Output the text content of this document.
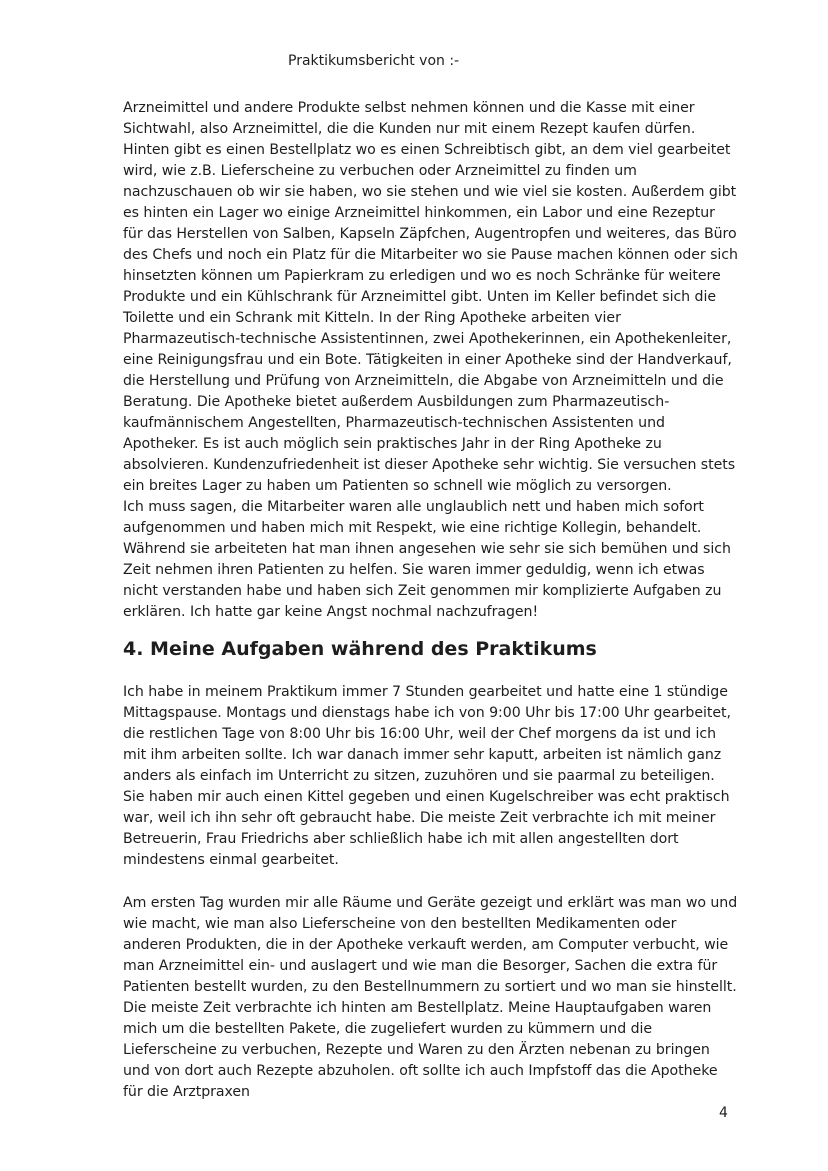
Praktikumsbericht von :-

Arzneimittel und andere Produkte selbst nehmen können und die Kasse mit einer Sichtwahl, also Arzneimittel, die die Kunden nur mit einem Rezept kaufen dürfen. Hinten gibt es einen Bestellplatz wo es einen Schreibtisch gibt, an dem viel gearbeitet wird, wie z.B. Lieferscheine zu verbuchen oder Arzneimittel zu finden um nachzuschauen ob wir sie haben, wo sie stehen und wie viel sie kosten. Außerdem gibt es hinten ein Lager wo einige Arzneimittel hinkommen, ein Labor und eine Rezeptur für das Herstellen von Salben, Kapseln Zäpfchen, Augentropfen und weiteres, das Büro des Chefs und noch ein Platz für die Mitarbeiter wo sie Pause machen können oder sich hinsetzten können um Papierkram zu erledigen und wo es noch Schränke für weitere Produkte und ein Kühlschrank für Arzneimittel gibt. Unten im Keller befindet sich die Toilette und ein Schrank mit Kitteln. In der Ring Apotheke arbeiten vier Pharmazeutisch-technische Assistentinnen, zwei Apothekerinnen, ein Apothekenleiter, eine Reinigungsfrau und ein Bote. Tätigkeiten in einer Apotheke sind der Handverkauf, die Herstellung und Prüfung von Arzneimitteln, die Abgabe von Arzneimitteln und die Beratung. Die Apotheke bietet außerdem Ausbildungen zum Pharmazeutisch-kaufmännischem Angestellten, Pharmazeutisch-technischen Assistenten und Apotheker. Es ist auch möglich sein praktisches Jahr in der Ring Apotheke zu absolvieren. Kundenzufriedenheit ist dieser Apotheke sehr wichtig. Sie versuchen stets ein breites Lager zu haben um Patienten so schnell wie möglich zu versorgen.

Ich muss sagen, die Mitarbeiter waren alle unglaublich nett und haben mich sofort aufgenommen und haben mich mit Respekt, wie eine richtige Kollegin, behandelt. Während sie arbeiteten hat man ihnen angesehen wie sehr sie sich bemühen und sich Zeit nehmen ihren Patienten zu helfen. Sie waren immer geduldig, wenn ich etwas nicht verstanden habe und haben sich Zeit genommen mir komplizierte Aufgaben zu erklären. Ich hatte gar keine Angst nochmal nachzufragen!

4. Meine Aufgaben während des Praktikums

Ich habe in meinem Praktikum immer 7 Stunden gearbeitet und hatte eine 1 stündige Mittagspause. Montags und dienstags habe ich von 9:00 Uhr bis 17:00 Uhr gearbeitet, die restlichen Tage von 8:00 Uhr bis 16:00 Uhr, weil der Chef morgens da ist und ich mit ihm arbeiten sollte. Ich war danach immer sehr kaputt, arbeiten ist nämlich ganz anders als einfach im Unterricht zu sitzen, zuzuhören und sie paarmal zu beteiligen. Sie haben mir auch einen Kittel gegeben und einen Kugelschreiber was echt praktisch war, weil ich ihn sehr oft gebraucht habe. Die meiste Zeit verbrachte ich mit meiner Betreuerin, Frau Friedrichs aber schließlich habe ich mit allen angestellten dort mindestens einmal gearbeitet.

Am ersten Tag wurden mir alle Räume und Geräte gezeigt und erklärt was man wo und wie macht, wie man also Lieferscheine von den bestellten Medikamenten oder anderen Produkten, die in der Apotheke verkauft werden, am Computer verbucht, wie man Arzneimittel ein- und auslagert und wie man die Besorger, Sachen die extra für Patienten bestellt wurden, zu den Bestellnummern zu sortiert und wo man sie hinstellt. Die meiste Zeit verbrachte ich hinten am Bestellplatz. Meine Hauptaufgaben waren mich um die bestellten Pakete, die zugeliefert wurden zu kümmern und die Lieferscheine zu verbuchen, Rezepte und Waren zu den Ärzten nebenan zu bringen und von dort auch Rezepte abzuholen. oft sollte ich auch Impfstoff das die Apotheke für die Arztpraxen

4
